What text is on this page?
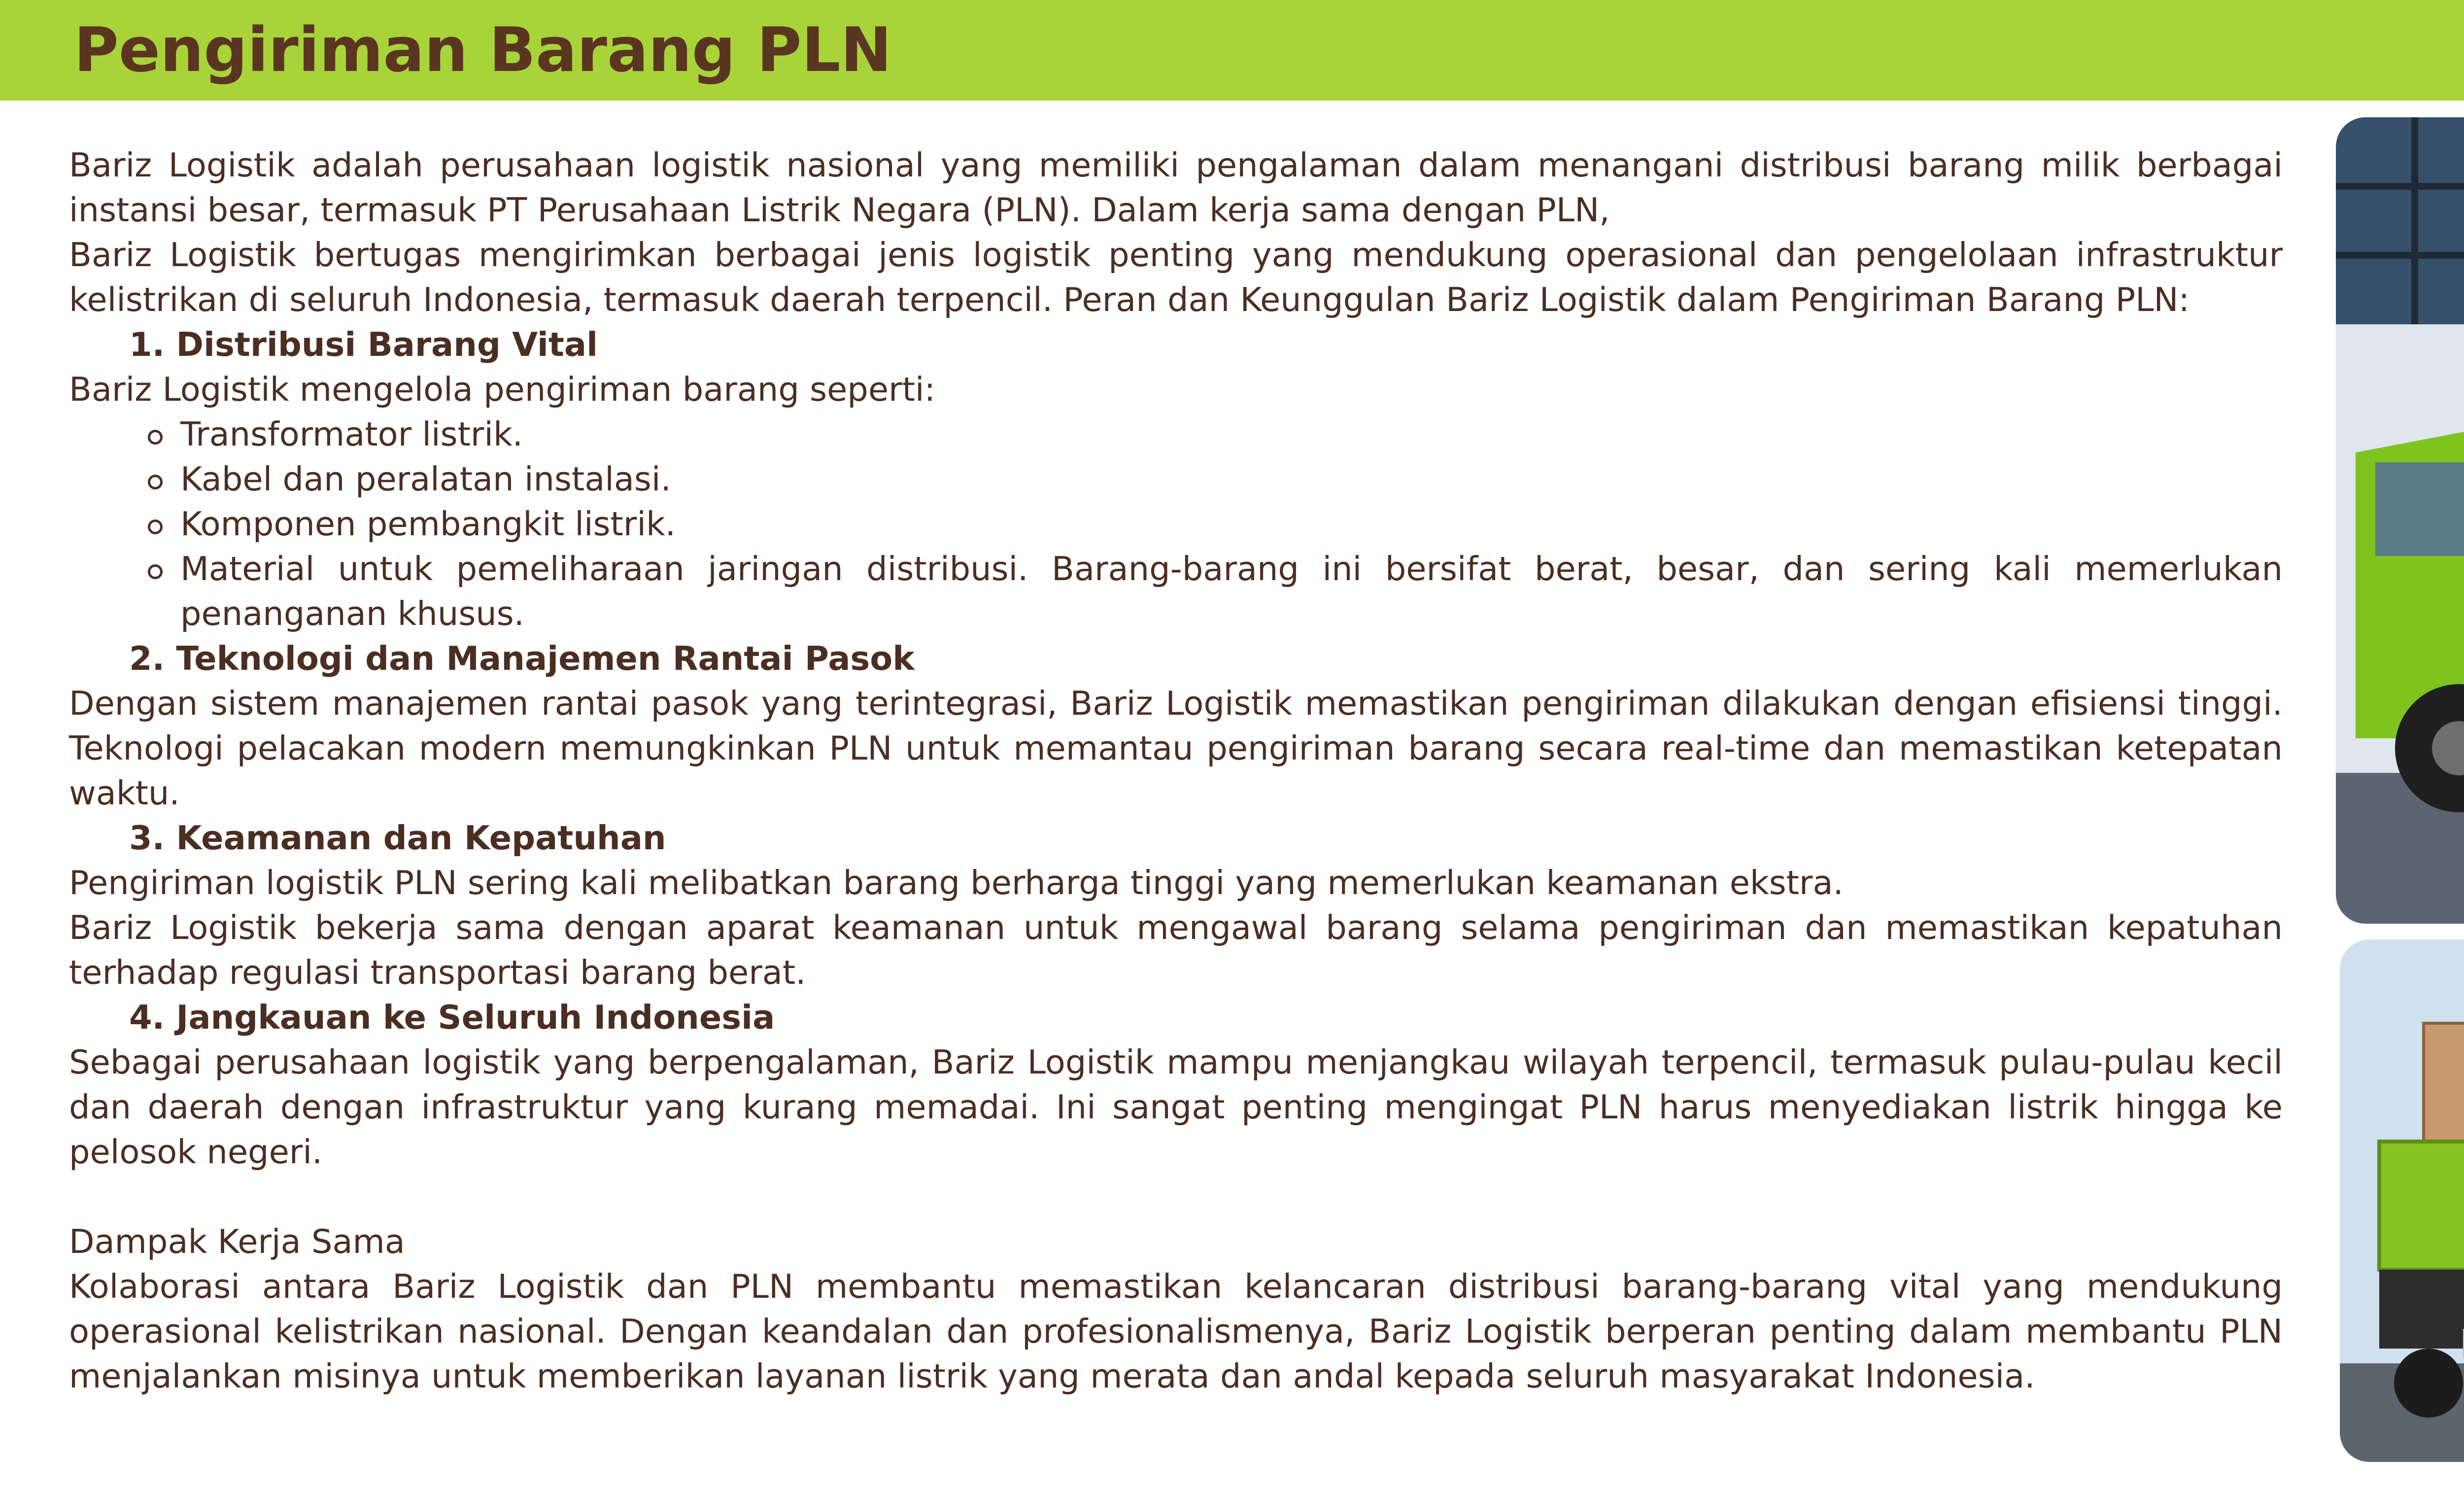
Pengiriman Barang PLN

Bariz Logistik adalah perusahaan logistik nasional yang memiliki pengalaman dalam menangani distribusi barang milik berbagai instansi besar, termasuk PT Perusahaan Listrik Negara (PLN). Dalam kerja sama dengan PLN,

Bariz Logistik bertugas mengirimkan berbagai jenis logistik penting yang mendukung operasional dan pengelolaan infrastruktur kelistrikan di seluruh Indonesia, termasuk daerah terpencil. Peran dan Keunggulan Bariz Logistik dalam Pengiriman Barang PLN:

1. Distribusi Barang Vital

Bariz Logistik mengelola pengiriman barang seperti:

Transformator listrik.
Kabel dan peralatan instalasi.
Komponen pembangkit listrik.
Material untuk pemeliharaan jaringan distribusi. Barang-barang ini bersifat berat, besar, dan sering kali memerlukan penanganan khusus.
2. Teknologi dan Manajemen Rantai Pasok

Dengan sistem manajemen rantai pasok yang terintegrasi, Bariz Logistik memastikan pengiriman dilakukan dengan efisiensi tinggi. Teknologi pelacakan modern memungkinkan PLN untuk memantau pengiriman barang secara real-time dan memastikan ketepatan waktu.

3. Keamanan dan Kepatuhan

Pengiriman logistik PLN sering kali melibatkan barang berharga tinggi yang memerlukan keamanan ekstra.

Bariz Logistik bekerja sama dengan aparat keamanan untuk mengawal barang selama pengiriman dan memastikan kepatuhan terhadap regulasi transportasi barang berat.

4. Jangkauan ke Seluruh Indonesia

Sebagai perusahaan logistik yang berpengalaman, Bariz Logistik mampu menjangkau wilayah terpencil, termasuk pulau-pulau kecil dan daerah dengan infrastruktur yang kurang memadai. Ini sangat penting mengingat PLN harus menyediakan listrik hingga ke pelosok negeri.

Dampak Kerja Sama

Kolaborasi antara Bariz Logistik dan PLN membantu memastikan kelancaran distribusi barang-barang vital yang mendukung operasional kelistrikan nasional. Dengan keandalan dan profesionalismenya, Bariz Logistik berperan penting dalam membantu PLN menjalankan misinya untuk memberikan layanan listrik yang merata dan andal kepada seluruh masyarakat Indonesia.
